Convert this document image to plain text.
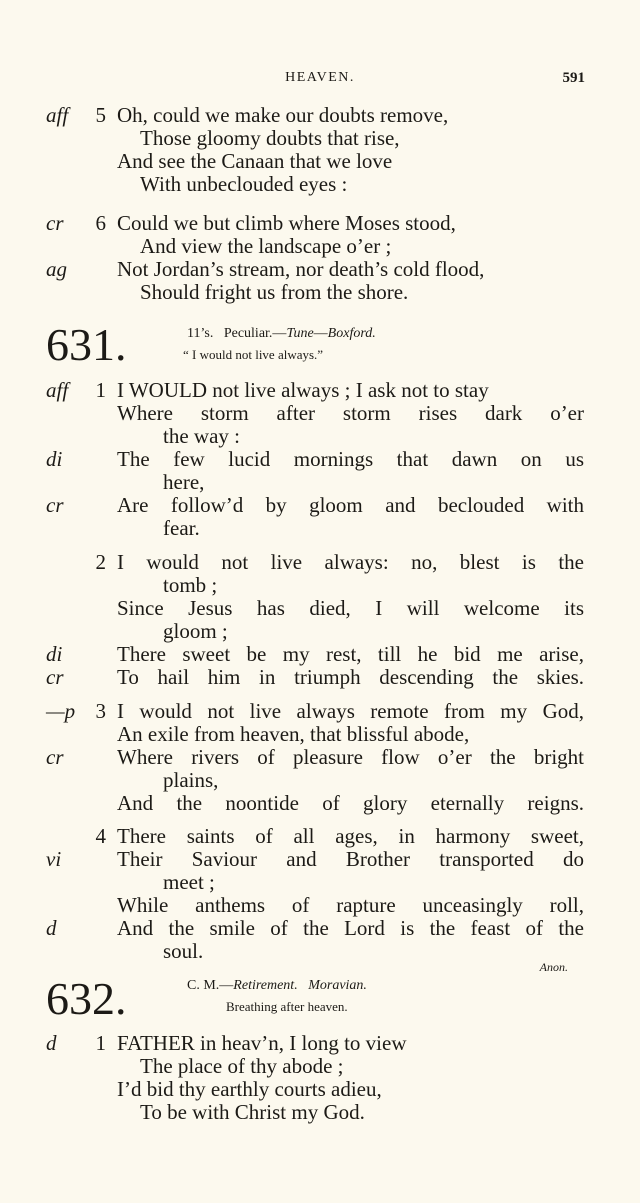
HEAVEN.	591
aff	5 Oh, could we make our doubts remove,
Those gloomy doubts that rise,
And see the Canaan that we love
With unbeclouded eyes :
cr	6 Could we but climb where Moses stood,
And view the landscape o’er ;
ag Not Jordan’s stream, nor death’s cold flood,
Should fright us from the shore.
631.	11’s. Peculiar.—Tune—Boxford.
“ I would not live always.”
aff	1 I WOULD not live always ; I ask not to stay
Where storm after storm rises dark o’er
the way :
di	The few lucid mornings that dawn on us
here,
cr	Are follow’d by gloom and beclouded with
fear.
2 I would not live always: no, blest is the
tomb ;
Since Jesus has died, I will welcome its
gloom ;
di	There sweet be my rest, till he bid me arise,
cr	To hail him in triumph descending the skies.
—p 3 I would not live always remote from my God,
An exile from heaven, that blissful abode,
cr	Where rivers of pleasure flow o’er the bright
plains,
And the noontide of glory eternally reigns.
4 There saints of all ages, in harmony sweet,
vi	Their Saviour and Brother transported do
meet ;
While anthems of rapture unceasingly roll,
d	And the smile of the Lord is the feast of the
soul.
Anon.
632.	C. M.—Retirement. Moravian.
Breathing after heaven.
d	1 FATHER in heav’n, I long to view
The place of thy abode ;
I’d bid thy earthly courts adieu,
To be with Christ my God.
